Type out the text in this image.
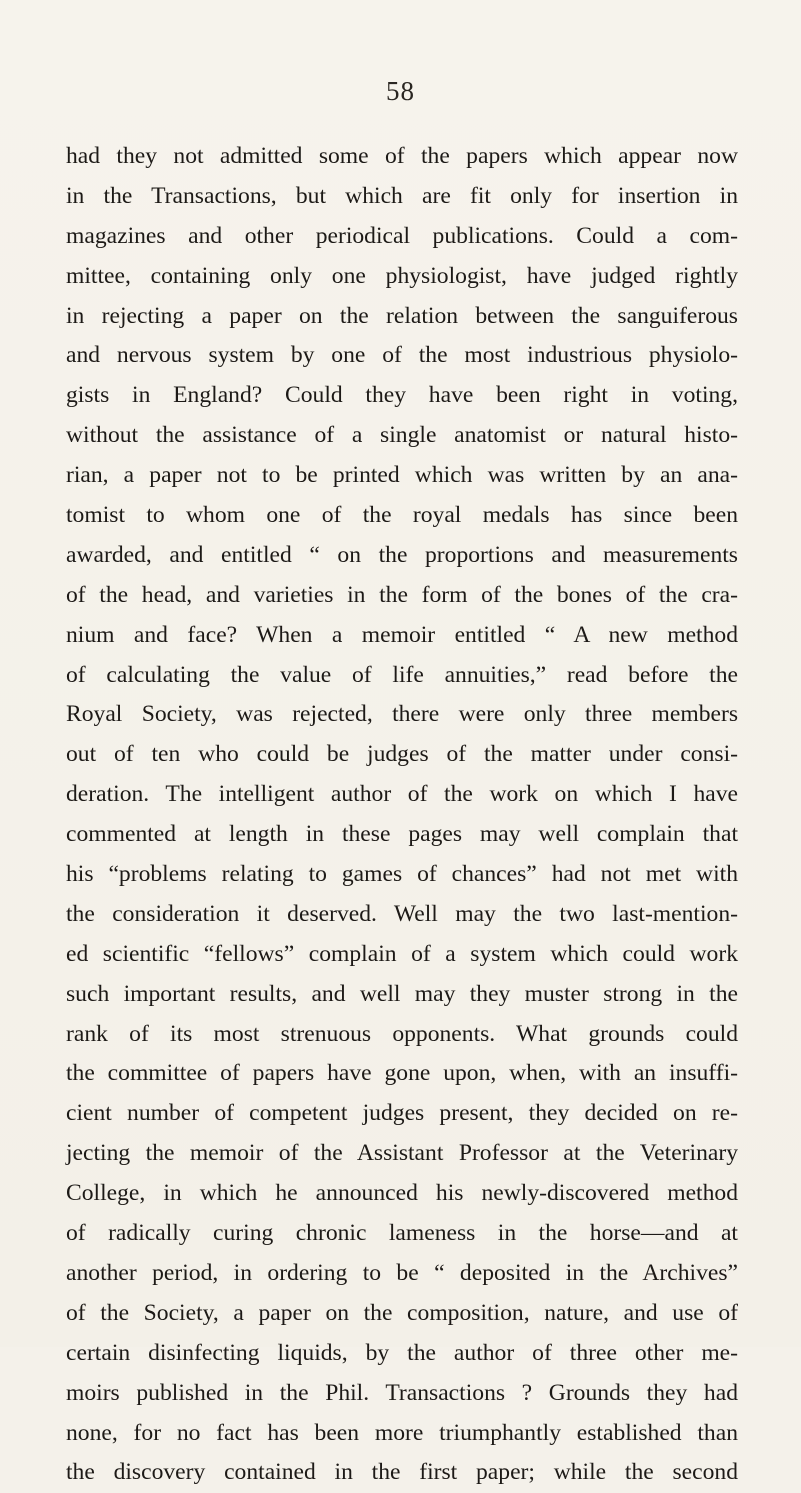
58
had they not admitted some of the papers which appear now
in the Transactions, but which are fit only for insertion in
magazines and other periodical publications. Could a com-
mittee, containing only one physiologist, have judged rightly
in rejecting a paper on the relation between the sanguiferous
and nervous system by one of the most industrious physiolo-
gists in England? Could they have been right in voting,
without the assistance of a single anatomist or natural histo-
rian, a paper not to be printed which was written by an ana-
tomist to whom one of the royal medals has since been
awarded, and entitled “ on the proportions and measurements
of the head, and varieties in the form of the bones of the cra-
nium and face? When a memoir entitled “ A new method
of calculating the value of life annuities,” read before the
Royal Society, was rejected, there were only three members
out of ten who could be judges of the matter under consi-
deration. The intelligent author of the work on which I have
commented at length in these pages may well complain that
his “problems relating to games of chances” had not met with
the consideration it deserved. Well may the two last-mention-
ed scientific “fellows” complain of a system which could work
such important results, and well may they muster strong in the
rank of its most strenuous opponents. What grounds could
the committee of papers have gone upon, when, with an insuffi-
cient number of competent judges present, they decided on re-
jecting the memoir of the Assistant Professor at the Veterinary
College, in which he announced his newly-discovered method
of radically curing chronic lameness in the horse—and at
another period, in ordering to be “ deposited in the Archives”
of the Society, a paper on the composition, nature, and use of
certain disinfecting liquids, by the author of three other me-
moirs published in the Phil. Transactions ? Grounds they had
none, for no fact has been more triumphantly established than
the discovery contained in the first paper; while the second
